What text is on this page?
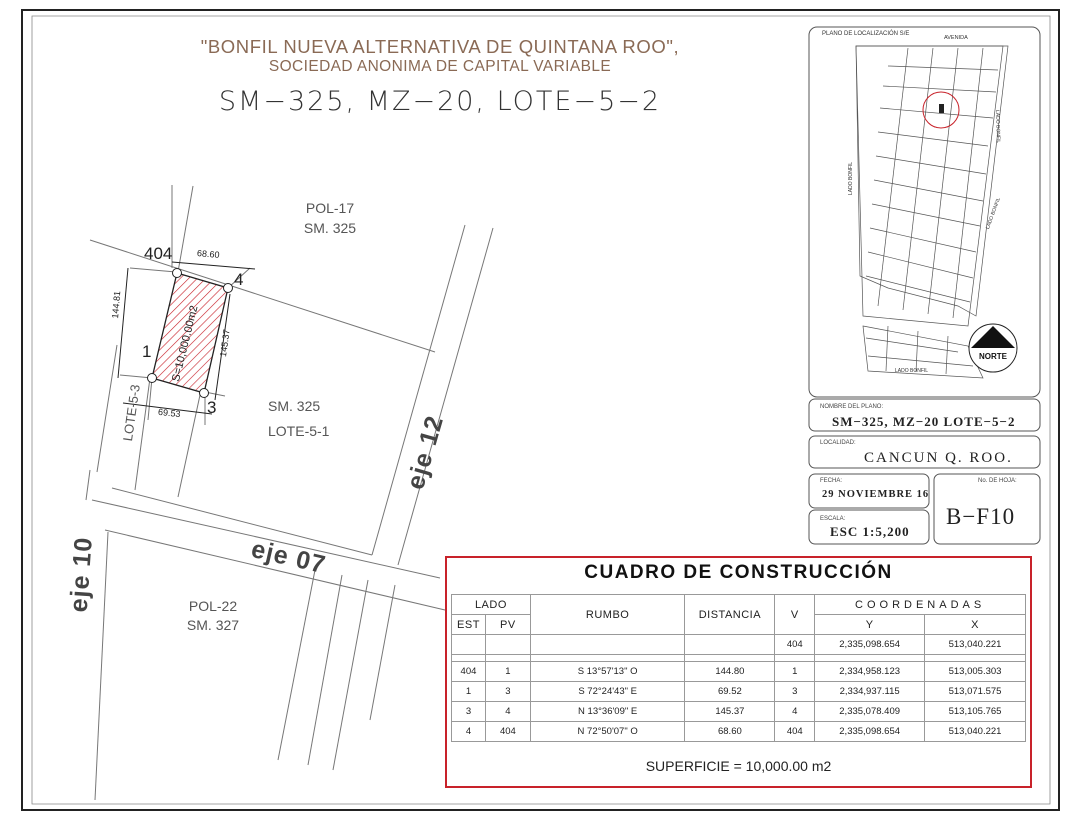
"BONFIL NUEVA ALTERNATIVA DE QUINTANA ROO",
SOCIEDAD ANONIMA DE CAPITAL VARIABLE
SM−325, MZ−20, LOTE−5−2
POL-17
SM. 325
SM. 325
LOTE-5-1
POL-22
SM. 327
LOTE-5-3	eje 12
eje 07
eje 10
404
4
1
3
68.60
144.81
145.37
69.53
S=10,000.00m2
PLANO DE LOCALIZACIÓN S/E
AVENIDA
LADO BONFIL
LADO BONFIL
LADO BONFIL
LADO BONFIL
NORTE
NOMBRE DEL PLANO:
SM−325, MZ−20 LOTE−5−2
LOCALIDAD:
CANCUN Q. ROO.
FECHA:
29 NOVIEMBRE 16
No. DE HOJA:
B−F10
ESCALA:
ESC 1:5,200
CUADRO DE CONSTRUCCIÓN
LADO		RUMBO	DISTANCIA	V	COORDENADAS	
EST	PV				Y	X
				404	2,335,098.654	513,040.221

404	1	S 13°57'13" O	144.80	1	2,334,958.123	513,005.303
1	3	S 72°24'43" E	69.52	3	2,334,937.115	513,071.575
3	4	N 13°36'09" E	145.37	4	2,335,078.409	513,105.765
4	404	N 72°50'07" O	68.60	404	2,335,098.654	513,040.221
SUPERFICIE = 10,000.00 m2
